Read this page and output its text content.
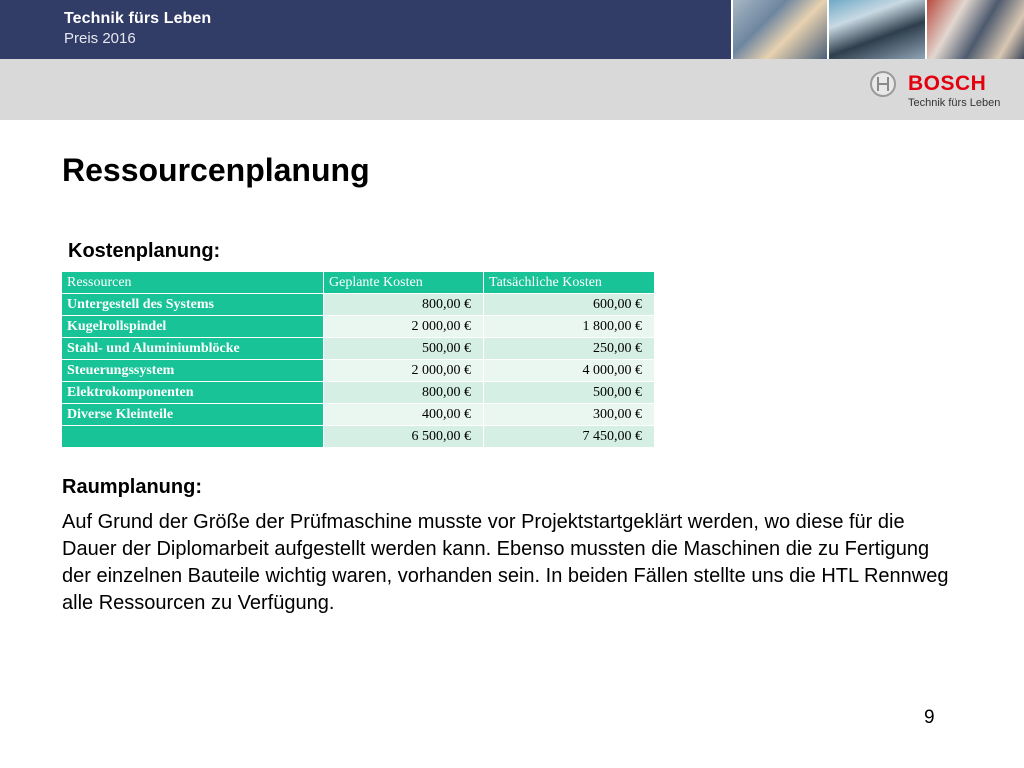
Technik fürs Leben
Preis 2016
BOSCH
Technik fürs Leben
Ressourcenplanung
Kostenplanung:
Ressourcen	Geplante Kosten	Tatsächliche Kosten
Untergestell des Systems	800,00 €	600,00 €
Kugelrollspindel	2 000,00 €	1 800,00 €
Stahl- und Aluminiumblöcke	500,00 €	250,00 €
Steuerungssystem	2 000,00 €	4 000,00 €
Elektrokomponenten	800,00 €	500,00 €
Diverse Kleinteile	400,00 €	300,00 €
	6 500,00 €	7 450,00 €
Raumplanung:
Auf Grund der Größe der Prüfmaschine musste vor Projektstartgeklärt werden, wo diese für die Dauer der Diplomarbeit aufgestellt werden kann. Ebenso mussten die Maschinen die zu Fertigung der einzelnen Bauteile wichtig waren, vorhanden sein. In beiden Fällen stellte uns die HTL Rennweg alle Ressourcen zu Verfügung.
9
